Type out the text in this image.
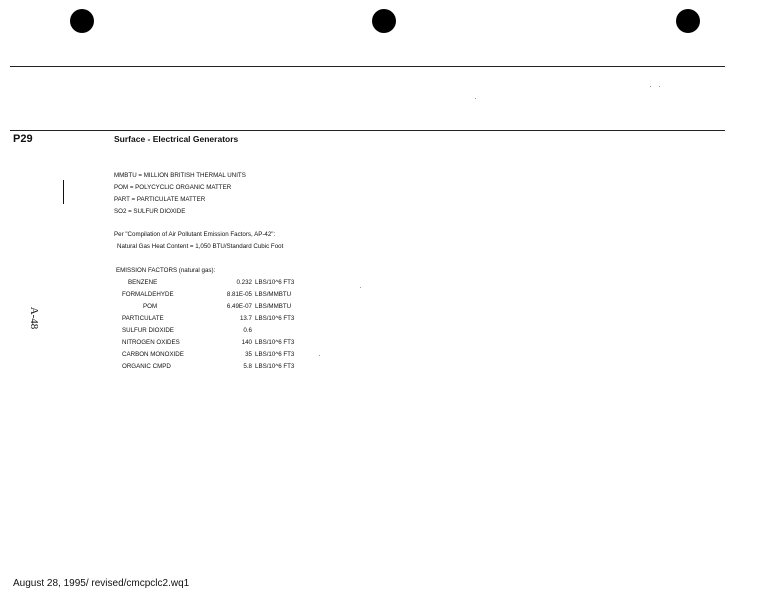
P29	Surface - Electrical Generators
A-48
MMBTU = MILLION BRITISH THERMAL UNITS
POM = POLYCYCLIC ORGANIC MATTER
PART = PARTICULATE MATTER
SO2 = SULFUR DIOXIDE
Per "Compilation of Air Pollutant Emission Factors, AP-42":
Natural Gas Heat Content = 1,050 BTU/Standard Cubic Foot
EMISSION FACTORS (natural gas):
BENZENE	0.232 LBS/10^6 FT3
FORMALDEHYDE	8.81E-05 LBS/MMBTU
POM	6.49E-07 LBS/MMBTU
PARTICULATE	13.7 LBS/10^6 FT3
SULFUR DIOXIDE	0.6
NITROGEN OXIDES	140 LBS/10^6 FT3
CARBON MONOXIDE	35 LBS/10^6 FT3
ORGANIC CMPD	5.8 LBS/10^6 FT3
August 28, 1995/ revised/cmcpclc2.wq1
